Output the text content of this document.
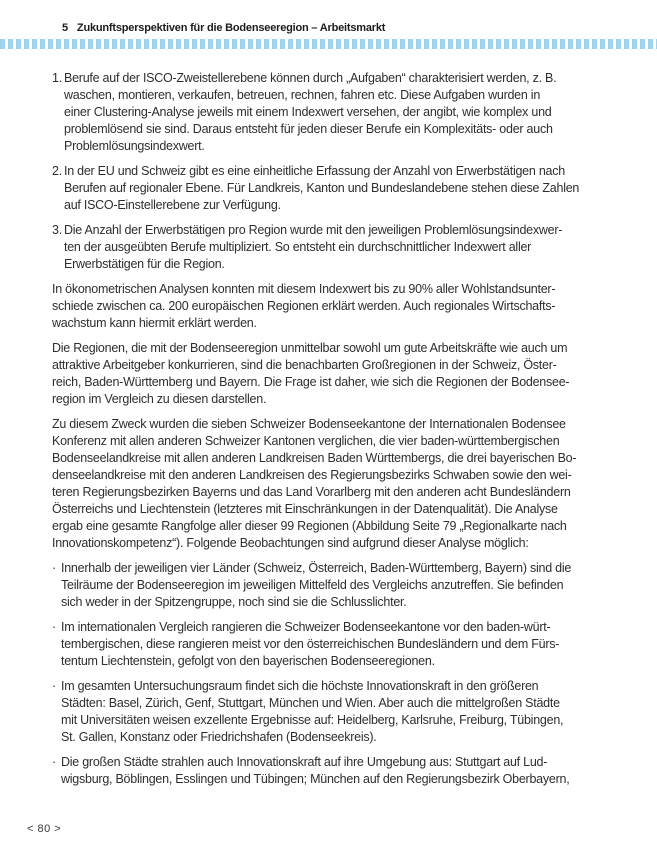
5 Zukunftsperspektiven für die Bodenseeregion – Arbeitsmarkt
1. Berufe auf der ISCO-Zweistellerebene können durch „Aufgaben“ charakterisiert werden, z. B.
waschen, montieren, verkaufen, betreuen, rechnen, fahren etc. Diese Aufgaben wurden in
einer Clustering-Analyse jeweils mit einem Indexwert versehen, der angibt, wie komplex und
problemlösend sie sind. Daraus entsteht für jeden dieser Berufe ein Komplexitäts- oder auch
Problemlösungsindexwert.
2. In der EU und Schweiz gibt es eine einheitliche Erfassung der Anzahl von Erwerbstätigen nach
Berufen auf regionaler Ebene. Für Landkreis, Kanton und Bundeslandebene stehen diese Zahlen
auf ISCO-Einstellerebene zur Verfügung.
3. Die Anzahl der Erwerbstätigen pro Region wurde mit den jeweiligen Problemlösungsindexwer-
ten der ausgeübten Berufe multipliziert. So entsteht ein durchschnittlicher Indexwert aller
Erwerbstätigen für die Region.
In ökonometrischen Analysen konnten mit diesem Indexwert bis zu 90% aller Wohlstandsunter-
schiede zwischen ca. 200 europäischen Regionen erklärt werden. Auch regionales Wirtschafts-
wachstum kann hiermit erklärt werden.
Die Regionen, die mit der Bodenseeregion unmittelbar sowohl um gute Arbeitskräfte wie auch um
attraktive Arbeitgeber konkurrieren, sind die benachbarten Großregionen in der Schweiz, Öster-
reich, Baden-Württemberg und Bayern. Die Frage ist daher, wie sich die Regionen der Bodensee-
region im Vergleich zu diesen darstellen.
Zu diesem Zweck wurden die sieben Schweizer Bodenseekantone der Internationalen Bodensee
Konferenz mit allen anderen Schweizer Kantonen verglichen, die vier baden-württembergischen
Bodenseelandkreise mit allen anderen Landkreisen Baden Württembergs, die drei bayerischen Bo-
denseelandkreise mit den anderen Landkreisen des Regierungsbezirks Schwaben sowie den wei-
teren Regierungsbezirken Bayerns und das Land Vorarlberg mit den anderen acht Bundesländern
Österreichs und Liechtenstein (letzteres mit Einschränkungen in der Datenqualität). Die Analyse
ergab eine gesamte Rangfolge aller dieser 99 Regionen (Abbildung Seite 79 „Regionalkarte nach
Innovationskompetenz“). Folgende Beobachtungen sind aufgrund dieser Analyse möglich:
· Innerhalb der jeweiligen vier Länder (Schweiz, Österreich, Baden-Württemberg, Bayern) sind die
Teilräume der Bodenseeregion im jeweiligen Mittelfeld des Vergleichs anzutreffen. Sie befinden
sich weder in der Spitzengruppe, noch sind sie die Schlusslichter.
· Im internationalen Vergleich rangieren die Schweizer Bodenseekantone vor den baden-würt-
tembergischen, diese rangieren meist vor den österreichischen Bundesländern und dem Fürs-
tentum Liechtenstein, gefolgt von den bayerischen Bodenseeregionen.
· Im gesamten Untersuchungsraum findet sich die höchste Innovationskraft in den größeren
Städten: Basel, Zürich, Genf, Stuttgart, München und Wien. Aber auch die mittelgroßen Städte
mit Universitäten weisen exzellente Ergebnisse auf: Heidelberg, Karlsruhe, Freiburg, Tübingen,
St. Gallen, Konstanz oder Friedrichshafen (Bodenseekreis).
· Die großen Städte strahlen auch Innovationskraft auf ihre Umgebung aus: Stuttgart auf Lud-
wigsburg, Böblingen, Esslingen und Tübingen; München auf den Regierungsbezirk Oberbayern,
< 80 >
